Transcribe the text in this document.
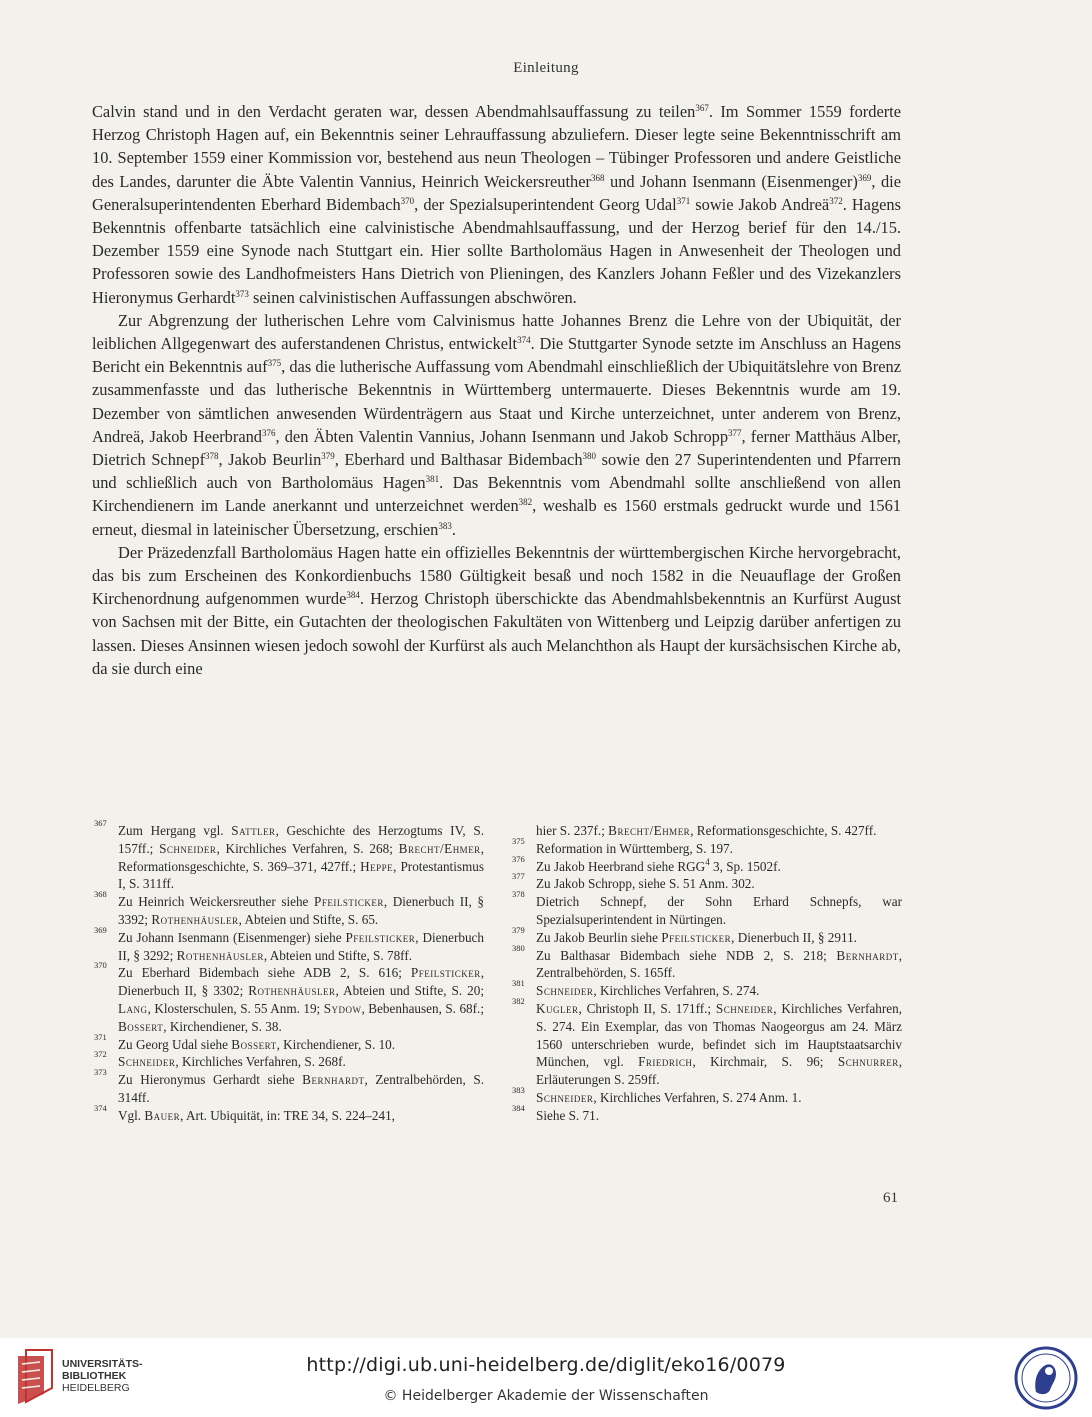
Einleitung

Calvin stand und in den Verdacht geraten war, dessen Abendmahlsauffassung zu teilen$^{367}$. Im Sommer 1559 forderte Herzog Christoph Hagen auf, ein Bekenntnis seiner Lehrauffassung abzuliefern. Dieser legte seine Bekenntnisschrift am 10. September 1559 einer Kommission vor, bestehend aus neun Theologen – Tübinger Professoren und andere Geistliche des Landes, darunter die Äbte Valentin Vannius, Heinrich Weickersreuther$^{368}$ und Johann Isenmann (Eisenmenger)$^{369}$, die Generalsuperintendenten Eberhard Bidembach$^{370}$, der Spezialsuperintendent Georg Udal$^{371}$ sowie Jakob Andreä$^{372}$. Hagens Bekenntnis offenbarte tatsächlich eine calvinistische Abendmahlsauffassung, und der Herzog berief für den 14./15. Dezember 1559 eine Synode nach Stuttgart ein. Hier sollte Bartholomäus Hagen in Anwesenheit der Theologen und Professoren sowie des Landhofmeisters Hans Dietrich von Plieningen, des Kanzlers Johann Feßler und des Vizekanzlers Hieronymus Gerhardt$^{373}$ seinen calvinistischen Auffassungen abschwören.

Zur Abgrenzung der lutherischen Lehre vom Calvinismus hatte Johannes Brenz die Lehre von der Ubiquität, der leiblichen Allgegenwart des auferstandenen Christus, entwickelt$^{374}$. Die Stuttgarter Synode setzte im Anschluss an Hagens Bericht ein Bekenntnis auf$^{375}$, das die lutherische Auffassung vom Abendmahl einschließlich der Ubiquitätslehre von Brenz zusammenfasste und das lutherische Bekenntnis in Württemberg untermauerte. Dieses Bekenntnis wurde am 19. Dezember von sämtlichen anwesenden Würdenträgern aus Staat und Kirche unterzeichnet, unter anderem von Brenz, Andreä, Jakob Heerbrand$^{376}$, den Äbten Valentin Vannius, Johann Isenmann und Jakob Schropp$^{377}$, ferner Matthäus Alber, Dietrich Schnepf$^{378}$, Jakob Beurlin$^{379}$, Eberhard und Balthasar Bidembach$^{380}$ sowie den 27 Superintendenten und Pfarrern und schließlich auch von Bartholomäus Hagen$^{381}$. Das Bekenntnis vom Abendmahl sollte anschließend von allen Kirchendienern im Lande anerkannt und unterzeichnet werden$^{382}$, weshalb es 1560 erstmals gedruckt wurde und 1561 erneut, diesmal in lateinischer Übersetzung, erschien$^{383}$.

Der Präzedenzfall Bartholomäus Hagen hatte ein offizielles Bekenntnis der württembergischen Kirche hervorgebracht, das bis zum Erscheinen des Konkordienbuchs 1580 Gültigkeit besaß und noch 1582 in die Neuauflage der Großen Kirchenordnung aufgenommen wurde$^{384}$. Herzog Christoph überschickte das Abendmahlsbekenntnis an Kurfürst August von Sachsen mit der Bitte, ein Gutachten der theologischen Fakultäten von Wittenberg und Leipzig darüber anfertigen zu lassen. Dieses Ansinnen wiesen jedoch sowohl der Kurfürst als auch Melanchthon als Haupt der kursächsischen Kirche ab, da sie durch eine

367 Zum Hergang vgl. Sattler, Geschichte des Herzogtums IV, S. 157ff.; Schneider, Kirchliches Verfahren, S. 268; Brecht/Ehmer, Reformationsgeschichte, S. 369–371, 427ff.; Heppe, Protestantismus I, S. 311ff.
368 Zu Heinrich Weickersreuther siehe Pfeilsticker, Dienerbuch II, § 3392; Rothenhäusler, Abteien und Stifte, S. 65.
369 Zu Johann Isenmann (Eisenmenger) siehe Pfeilsticker, Dienerbuch II, § 3292; Rothenhäusler, Abteien und Stifte, S. 78ff.
370 Zu Eberhard Bidembach siehe ADB 2, S. 616; Pfeilsticker, Dienerbuch II, § 3302; Rothenhäusler, Abteien und Stifte, S. 20; Lang, Klosterschulen, S. 55 Anm. 19; Sydow, Bebenhausen, S. 68f.; Bossert, Kirchendiener, S. 38.
371 Zu Georg Udal siehe Bossert, Kirchendiener, S. 10.
372 Schneider, Kirchliches Verfahren, S. 268f.
373 Zu Hieronymus Gerhardt siehe Bernhardt, Zentralbehörden, S. 314ff.
374 Vgl. Bauer, Art. Ubiquität, in: TRE 34, S. 224–241,
hier S. 237f.; Brecht/Ehmer, Reformationsgeschichte, S. 427ff.
375 Reformation in Württemberg, S. 197.
376 Zu Jakob Heerbrand siehe RGG$^4$ 3, Sp. 1502f.
377 Zu Jakob Schropp, siehe S. 51 Anm. 302.
378 Dietrich Schnepf, der Sohn Erhard Schnepfs, war Spezialsuperintendent in Nürtingen.
379 Zu Jakob Beurlin siehe Pfeilsticker, Dienerbuch II, § 2911.
380 Zu Balthasar Bidembach siehe NDB 2, S. 218; Bernhardt, Zentralbehörden, S. 165ff.
381 Schneider, Kirchliches Verfahren, S. 274.
382 Kugler, Christoph II, S. 171ff.; Schneider, Kirchliches Verfahren, S. 274. Ein Exemplar, das von Thomas Naogeorgus am 24. März 1560 unterschrieben wurde, befindet sich im Hauptstaatsarchiv München, vgl. Friedrich, Kirchmair, S. 96; Schnurrer, Erläuterungen S. 259ff.
383 Schneider, Kirchliches Verfahren, S. 274 Anm. 1.
384 Siehe S. 71.
61
UNIVERSITÄTS-
BIBLIOTHEK
HEIDELBERG
http://digi.ub.uni-heidelberg.de/diglit/eko16/0079
© Heidelberger Akademie der Wissenschaften
